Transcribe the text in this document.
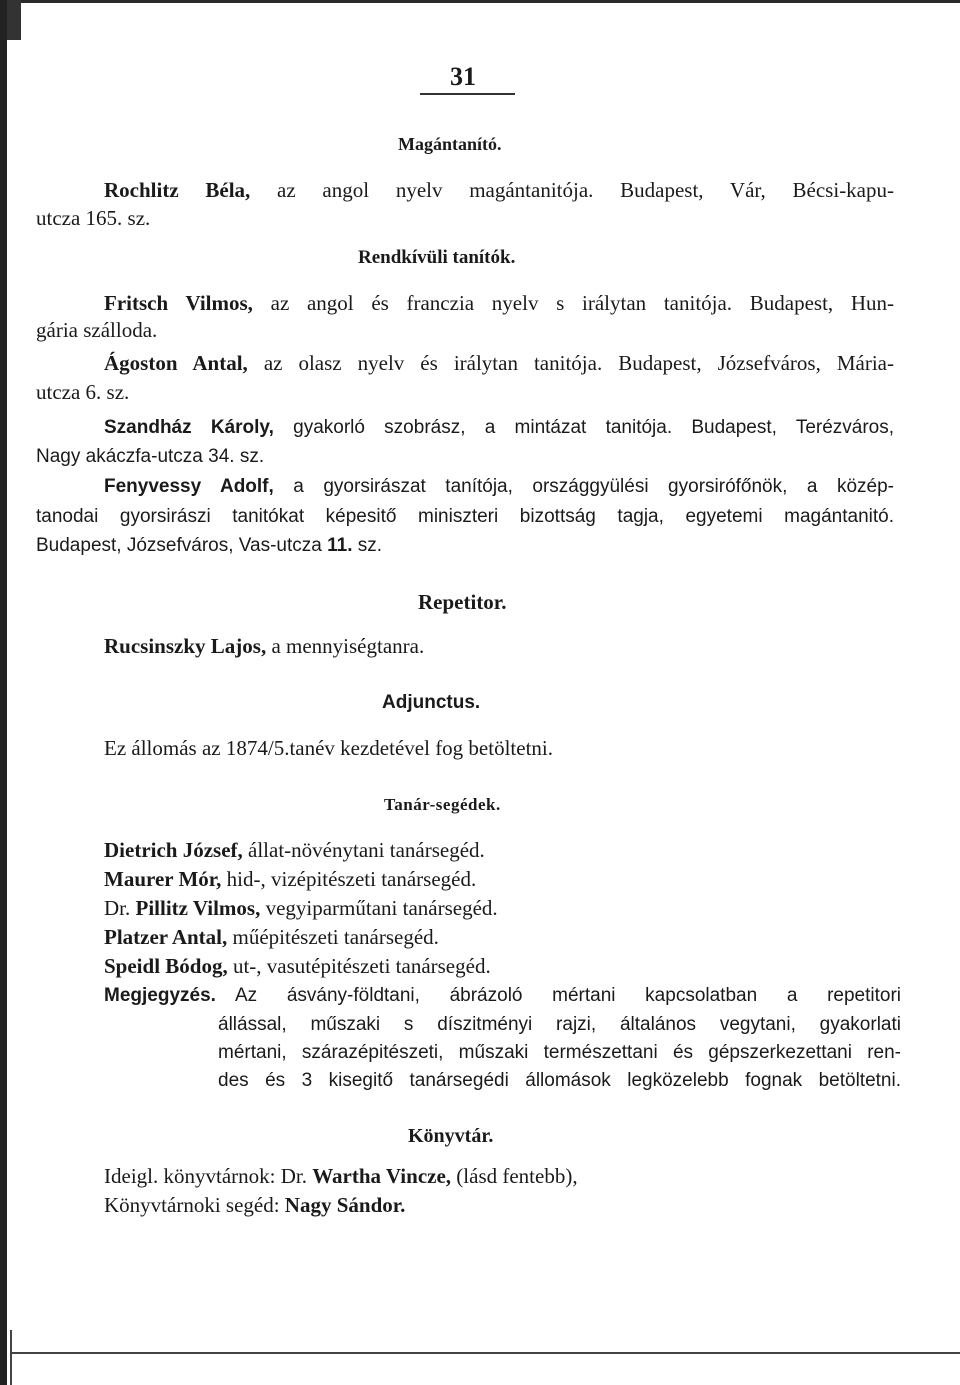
31
Magántanító.
Rochlitz Béla, az angol nyelv magántanitója. Budapest, Vár, Bécsi-kapu-
utcza 165. sz.
Rendkívüli tanítók.
Fritsch Vilmos, az angol és franczia nyelv s irálytan tanitója. Budapest, Hun-
gária szálloda.
Ágoston Antal, az olasz nyelv és irálytan tanitója. Budapest, Józsefváros, Mária-
utcza 6. sz.
Szandház Károly, gyakorló szobrász, a mintázat tanitója. Budapest, Terézváros,
Nagy akáczfa-utcza 34. sz.
Fenyvessy Adolf, a gyorsirászat tanítója, országgyülési gyorsirófőnök, a közép-
tanodai gyorsirászi tanitókat képesitő miniszteri bizottság tagja, egyetemi magántanitó.
Budapest, Józsefváros, Vas-utcza 11. sz.
Repetitor.
Rucsinszky Lajos, a mennyiségtanra.
Adjunctus.
Ez állomás az 1874/5.tanév kezdetével fog betöltetni.
Tanár-segédek.
Dietrich József, állat-növénytani tanársegéd.
Maurer Mór, hid-, vizépitészeti tanársegéd.
Dr. Pillitz Vilmos, vegyiparműtani tanársegéd.
Platzer Antal, műépitészeti tanársegéd.
Speidl Bódog, ut-, vasutépitészeti tanársegéd.
Megjegyzés. Az ásvány-földtani, ábrázoló mértani kapcsolatban a repetitori
állással, műszaki s díszitményi rajzi, általános vegytani, gyakorlati
mértani, szárazépitészeti, műszaki természettani és gépszerkezettani ren-
des és 3 kisegitő tanársegédi állomások legközelebb fognak betöltetni.
Könyvtár.
Ideigl. könyvtárnok: Dr. Wartha Vincze, (lásd fentebb),
Könyvtárnoki segéd: Nagy Sándor.
